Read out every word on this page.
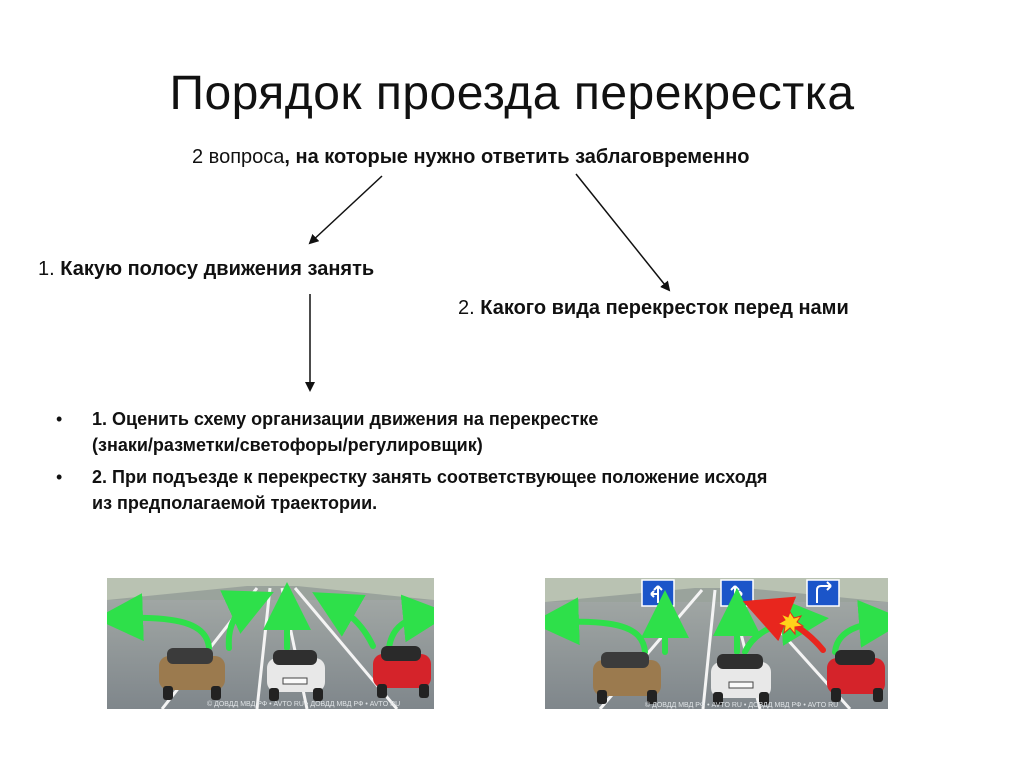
Порядок проезда перекрестка
2 вопроса, на которые нужно ответить заблаговременно
1. Какую полосу движения занять
2. Какого вида перекресток перед нами
• 1. Оценить схему организации движения на перекрестке
(знаки/разметки/светофоры/регулировщик)
• 2. При подъезде к перекрестку занять соответствующее положение исходя
из предполагаемой траектории.
© ДОВДД МВД РФ • AVTO RU • ДОВДД МВД РФ • AVTO RU	© ДОВДД МВД РФ • AVTO RU • ДОВДД МВД РФ • AVTO RU
